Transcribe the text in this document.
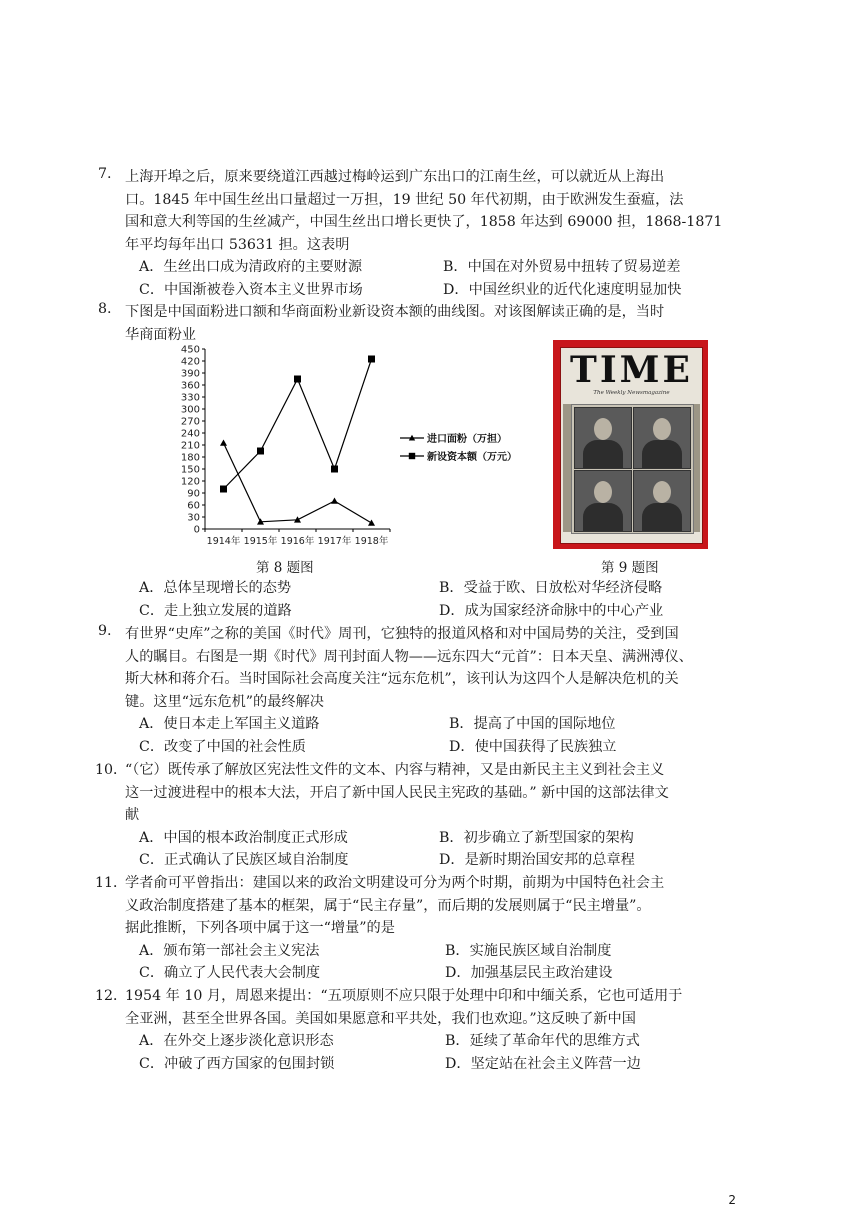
7. 上海开埠之后，原来要绕道江西越过梅岭运到广东出口的江南生丝，可以就近从上海出
口。1845 年中国生丝出口量超过一万担，19 世纪 50 年代初期，由于欧洲发生蚕瘟，法
国和意大利等国的生丝减产，中国生丝出口增长更快了，1858 年达到 69000 担，1868-1871
年平均每年出口 53631 担。这表明
A．生丝出口成为清政府的主要财源	B．中国在对外贸易中扭转了贸易逆差
C．中国渐被卷入资本主义世界市场	D．中国丝织业的近代化速度明显加快
8. 下图是中国面粉进口额和华商面粉业新设资本额的曲线图。对该图解读正确的是，当时
华商面粉业
0
30
60
90
120
150
180
210
240
270
300
330
360
390
420
450
1914年 1915年 1916年 1917年 1918年
进口面粉（万担）
新设资本额（万元）
第 8 题图
TIME
The Weekly Newsmagazine
第 9 题图
A．总体呈现增长的态势	B．受益于欧、日放松对华经济侵略
C．走上独立发展的道路	D．成为国家经济命脉中的中心产业
9. 有世界“史库”之称的美国《时代》周刊，它独特的报道风格和对中国局势的关注，受到国
人的瞩目。右图是一期《时代》周刊封面人物——远东四大“元首”：日本天皇、满洲溥仪、
斯大林和蒋介石。当时国际社会高度关注“远东危机”，该刊认为这四个人是解决危机的关
键。这里“远东危机”的最终解决
A．使日本走上军国主义道路	B．提高了中国的国际地位
C．改变了中国的社会性质	D．使中国获得了民族独立
10．
“（它）既传承了解放区宪法性文件的文本、内容与精神，又是由新民主主义到社会主义
这一过渡进程中的根本大法，开启了新中国人民民主宪政的基础。” 新中国的这部法律文
献
A．中国的根本政治制度正式形成	B．初步确立了新型国家的架构
C．正式确认了民族区域自治制度	D．是新时期治国安邦的总章程
11．
学者俞可平曾指出：建国以来的政治文明建设可分为两个时期，前期为中国特色社会主
义政治制度搭建了基本的框架，属于“民主存量”，而后期的发展则属于“民主增量”。
据此推断，下列各项中属于这一“增量”的是
A．颁布第一部社会主义宪法	B．实施民族区域自治制度
C．确立了人民代表大会制度	D．加强基层民主政治建设
12．
1954 年 10 月，周恩来提出：“五项原则不应只限于处理中印和中缅关系，它也可适用于
全亚洲，甚至全世界各国。美国如果愿意和平共处，我们也欢迎。”这反映了新中国
A．在外交上逐步淡化意识形态	B．延续了革命年代的思维方式
C．冲破了西方国家的包围封锁	D．坚定站在社会主义阵营一边
2
